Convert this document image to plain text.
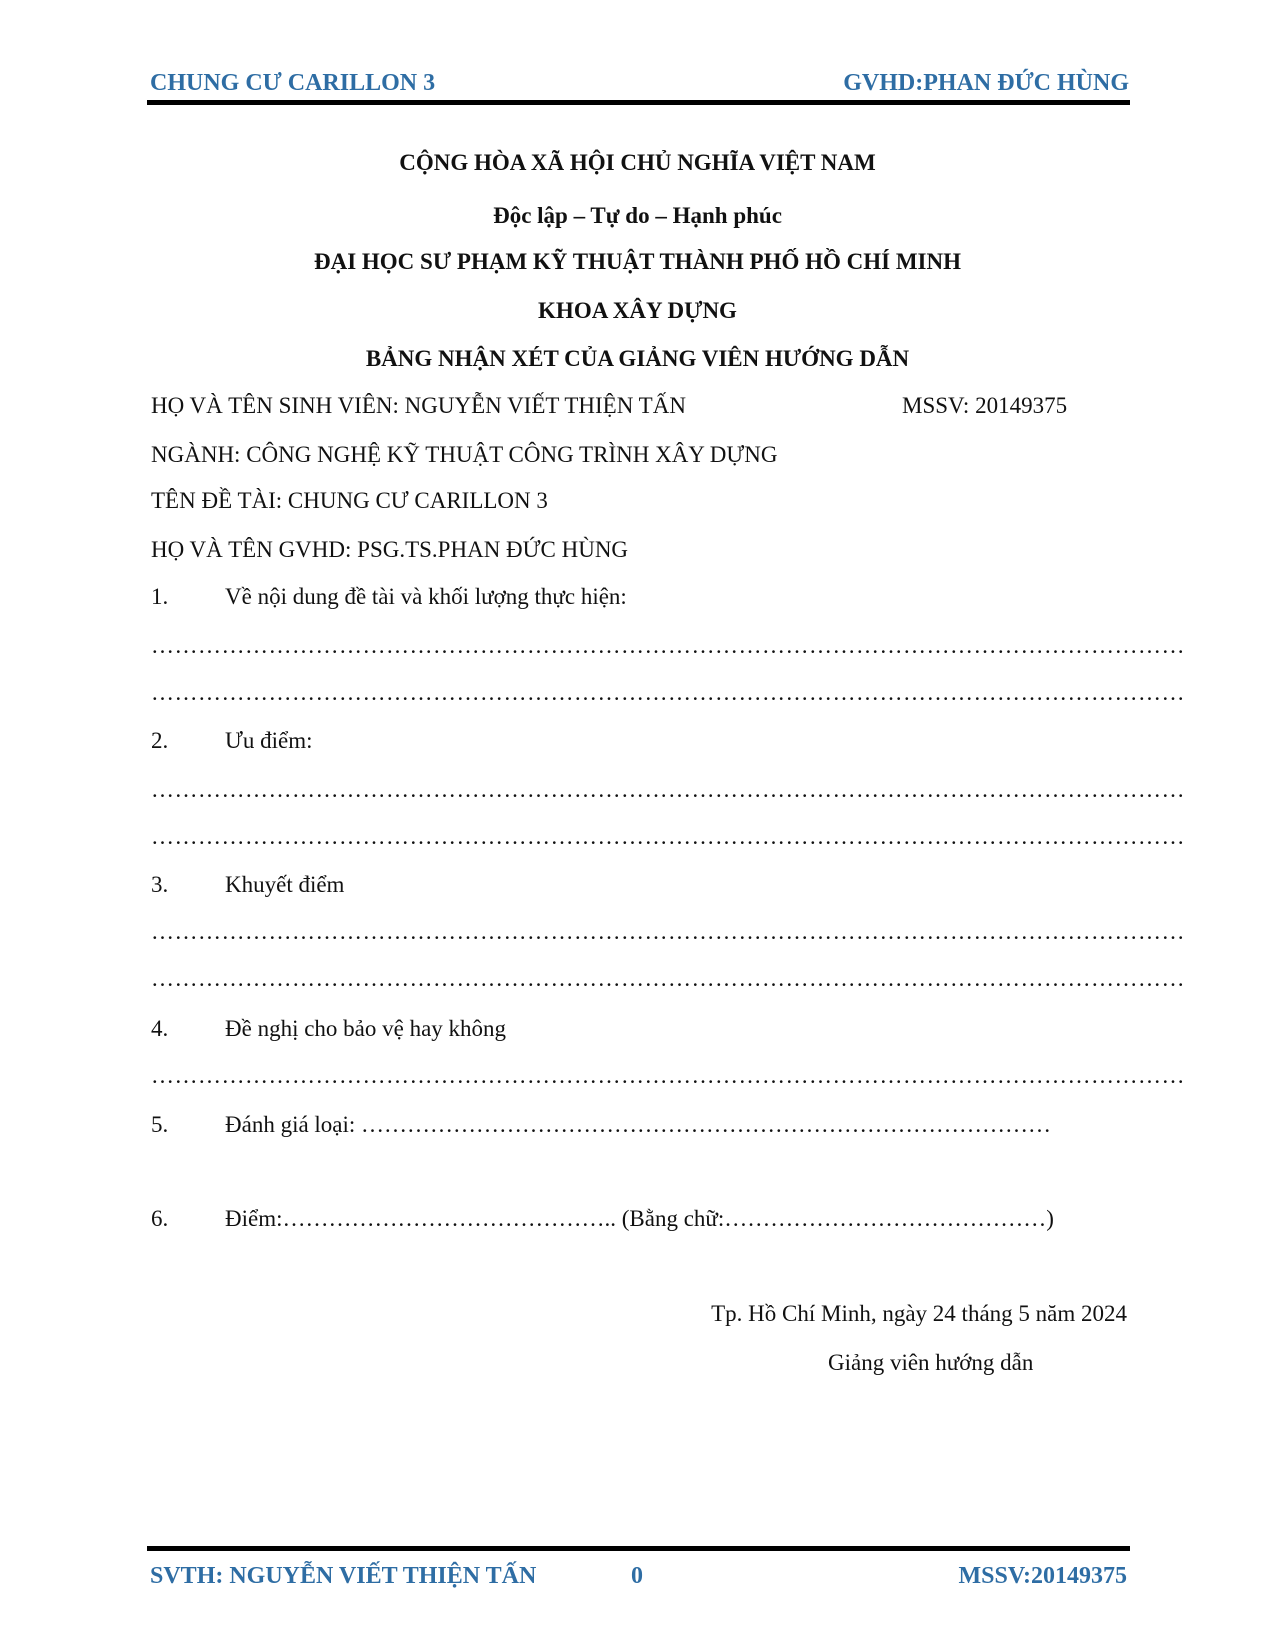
CHUNG CƯ CARILLON 3	GVHD:PHAN ĐỨC HÙNG
CỘNG HÒA XÃ HỘI CHỦ NGHĨA VIỆT NAM
Độc lập – Tự do – Hạnh phúc
ĐẠI HỌC SƯ PHẠM KỸ THUẬT THÀNH PHỐ HỒ CHÍ MINH
KHOA XÂY DỰNG
BẢNG NHẬN XÉT CỦA GIẢNG VIÊN HƯỚNG DẪN
HỌ VÀ TÊN SINH VIÊN: NGUYỄN VIẾT THIỆN TẤN	MSSV: 20149375
NGÀNH: CÔNG NGHỆ KỸ THUẬT CÔNG TRÌNH XÂY DỰNG
TÊN ĐỀ TÀI: CHUNG CƯ CARILLON 3
HỌ VÀ TÊN GVHD: PSG.TS.PHAN ĐỨC HÙNG
1. Về nội dung đề tài và khối lượng thực hiện:
……………………………………………………………………………………………………………………
……………………………………………………………………………………………………………………
2. Ưu điểm:
……………………………………………………………………………………………………………………
……………………………………………………………………………………………………………………
3. Khuyết điểm
……………………………………………………………………………………………………………………
……………………………………………………………………………………………………………………
4. Đề nghị cho bảo vệ hay không
……………………………………………………………………………………………………………………
5. Đánh giá loại: ………………………………………………………………………………
6. Điểm:…………………………………….. (Bằng chữ:……………………………………)
Tp. Hồ Chí Minh, ngày 24 tháng 5 năm 2024
Giảng viên hướng dẫn
SVTH: NGUYỄN VIẾT THIỆN TẤN	0	MSSV:20149375
